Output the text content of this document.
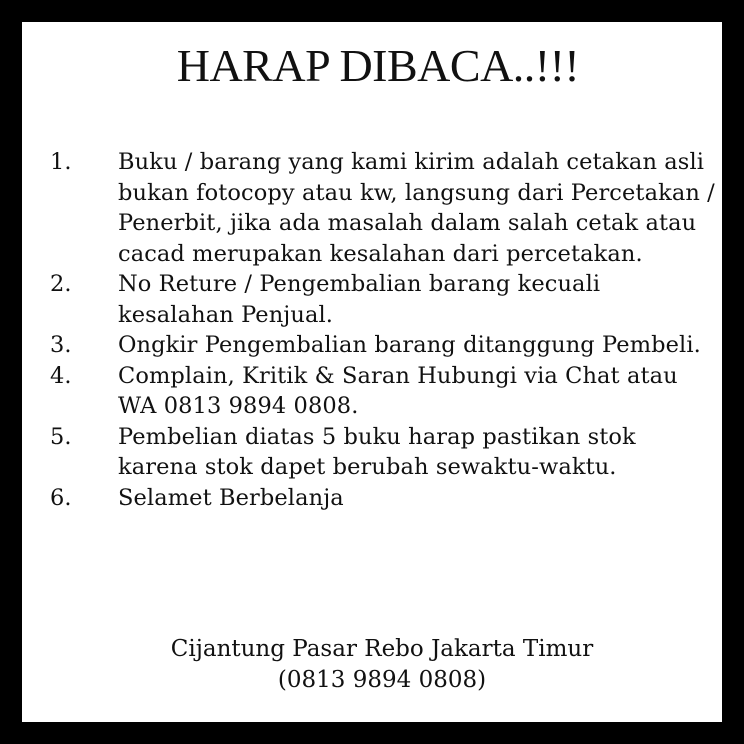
HARAP DIBACA..!!!
1.	Buku / barang yang kami kirim adalah cetakan asli bukan fotocopy atau kw, langsung dari Percetakan / Penerbit, jika ada masalah dalam salah cetak atau cacad merupakan kesalahan dari percetakan.
2.	No Reture / Pengembalian barang kecuali kesalahan Penjual.
3.	Ongkir Pengembalian barang ditanggung Pembeli.
4.	Complain, Kritik & Saran Hubungi via Chat atau WA 0813 9894 0808.
5.	Pembelian diatas 5 buku harap pastikan stok karena stok dapet berubah sewaktu-waktu.
6.	Selamet Berbelanja
Cijantung Pasar Rebo Jakarta Timur
(0813 9894 0808)
